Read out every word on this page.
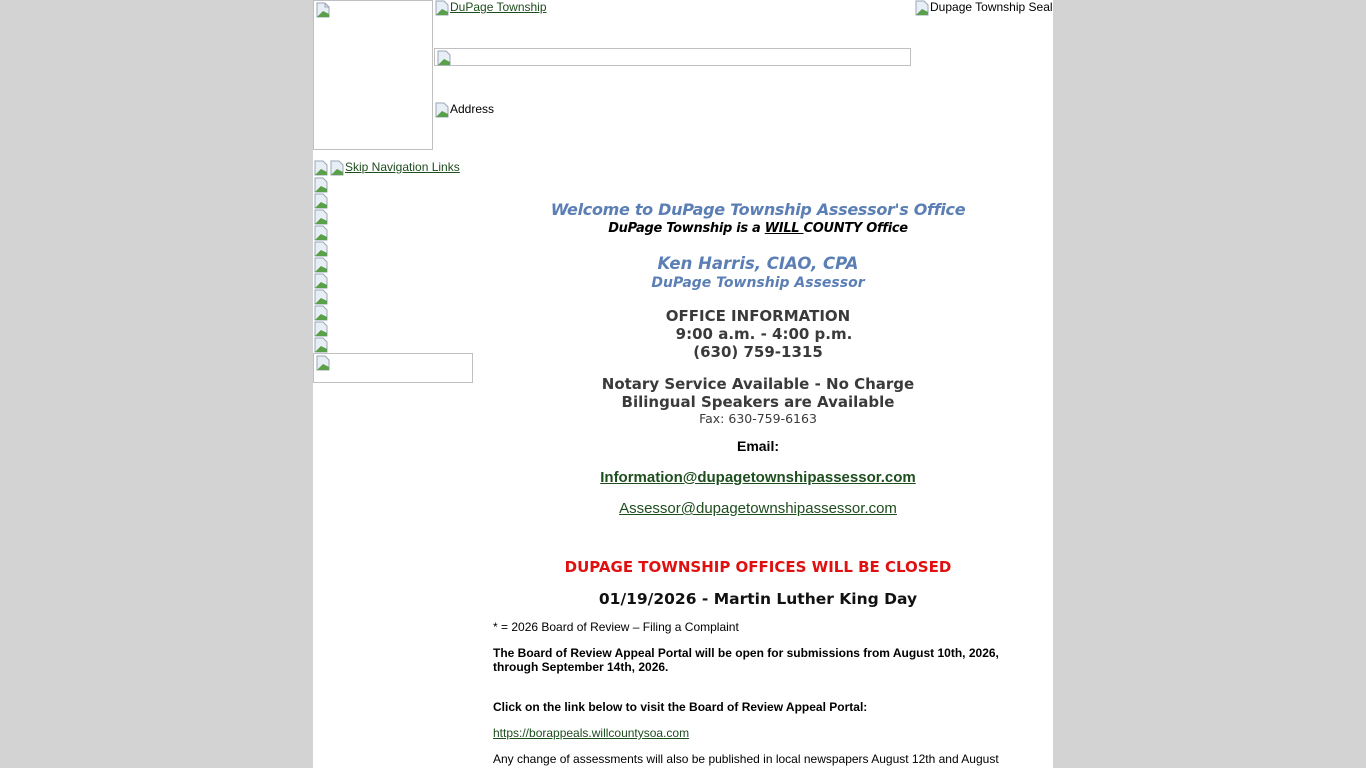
DuPage Township	Dupage Township Seal
Address
Skip Navigation Links

Welcome to DuPage Township Assessor's Office

DuPage Township is a WILL COUNTY Office

Ken Harris, CIAO, CPA

DuPage Township Assessor

OFFICE INFORMATION

9:00 a.m. - 4:00 p.m.

(630) 759-1315

Notary Service Available - No Charge

Bilingual Speakers are Available

Fax: 630-759-6163

Email:

Information@dupagetownshipassessor.com

Assessor@dupagetownshipassessor.com

DUPAGE TOWNSHIP OFFICES WILL BE CLOSED

01/19/2026 - Martin Luther King Day

* = 2026 Board of Review – Filing a Complaint
The Board of Review Appeal Portal will be open for submissions from August 10th, 2026, through September 14th, 2026.
Click on the link below to visit the Board of Review Appeal Portal:
https://borappeals.willcountysoa.com
Any change of assessments will also be published in local newspapers August 12th and August
